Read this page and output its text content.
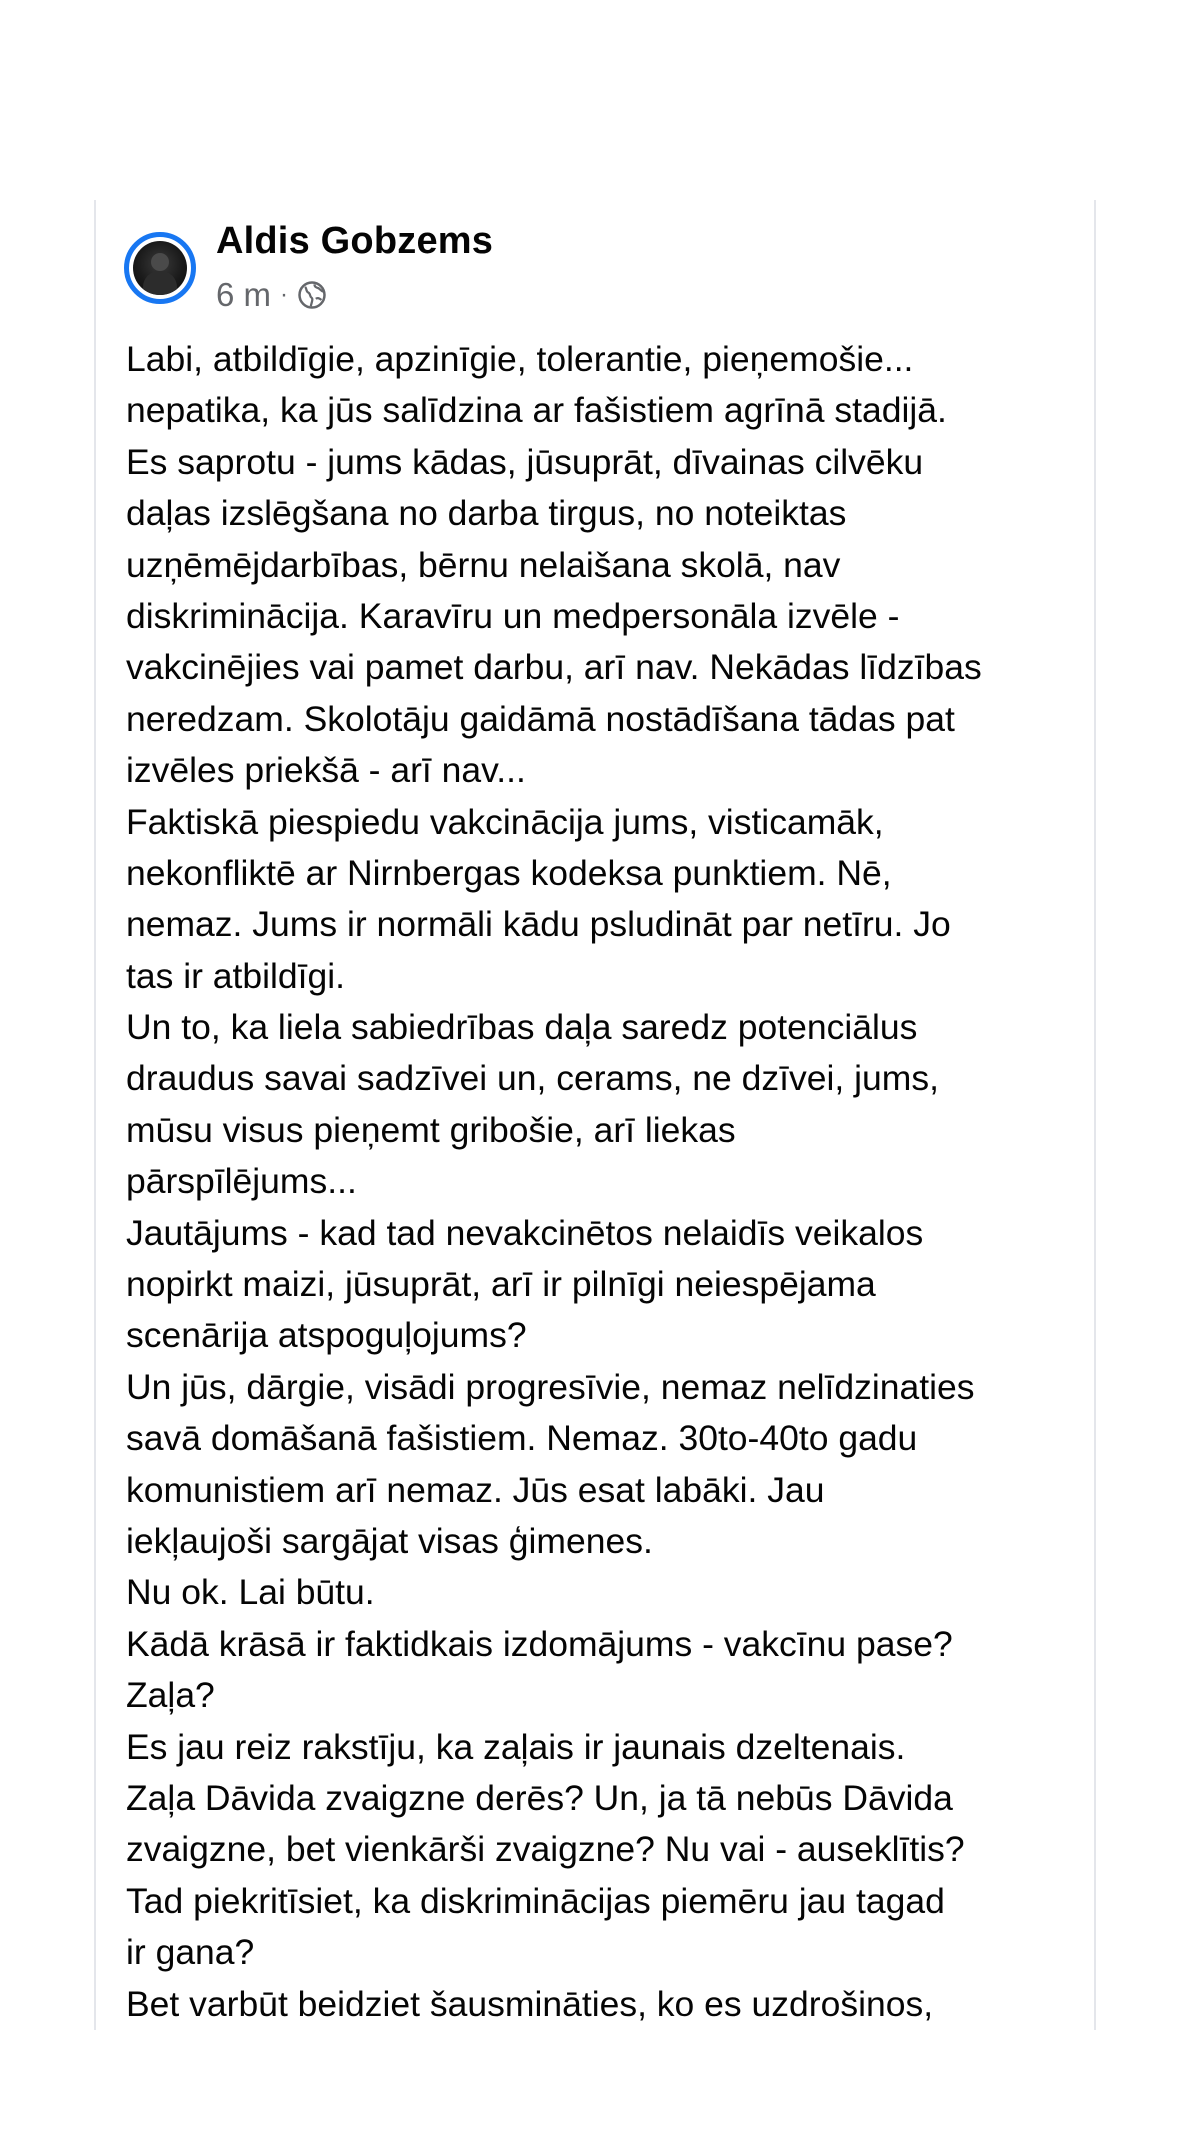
Aldis Gobzems
6 m ·
Labi, atbildīgie, apzinīgie, tolerantie, pieņemošie...
nepatika, ka jūs salīdzina ar fašistiem agrīnā stadijā.
Es saprotu - jums kādas, jūsuprāt, dīvainas cilvēku
daļas izslēgšana no darba tirgus, no noteiktas
uzņēmējdarbības, bērnu nelaišana skolā, nav
diskriminācija. Karavīru un medpersonāla izvēle -
vakcinējies vai pamet darbu, arī nav. Nekādas līdzības
neredzam. Skolotāju gaidāmā nostādīšana tādas pat
izvēles priekšā - arī nav...
Faktiskā piespiedu vakcinācija jums, visticamāk,
nekonfliktē ar Nirnbergas kodeksa punktiem. Nē,
nemaz. Jums ir normāli kādu psludināt par netīru. Jo
tas ir atbildīgi.
Un to, ka liela sabiedrības daļa saredz potenciālus
draudus savai sadzīvei un, cerams, ne dzīvei, jums,
mūsu visus pieņemt gribošie, arī liekas
pārspīlējums...
Jautājums - kad tad nevakcinētos nelaidīs veikalos
nopirkt maizi, jūsuprāt, arī ir pilnīgi neiespējama
scenārija atspoguļojums?
Un jūs, dārgie, visādi progresīvie, nemaz nelīdzinaties
savā domāšanā fašistiem. Nemaz. 30to-40to gadu
komunistiem arī nemaz. Jūs esat labāki. Jau
iekļaujoši sargājat visas ģimenes.
Nu ok. Lai būtu.
Kādā krāsā ir faktidkais izdomājums - vakcīnu pase?
Zaļa?
Es jau reiz rakstīju, ka zaļais ir jaunais dzeltenais.
Zaļa Dāvida zvaigzne derēs? Un, ja tā nebūs Dāvida
zvaigzne, bet vienkārši zvaigzne? Nu vai - auseklītis?
Tad piekritīsiet, ka diskriminācijas piemēru jau tagad
ir gana?
Bet varbūt beidziet šausmināties, ko es uzdrošinos,
